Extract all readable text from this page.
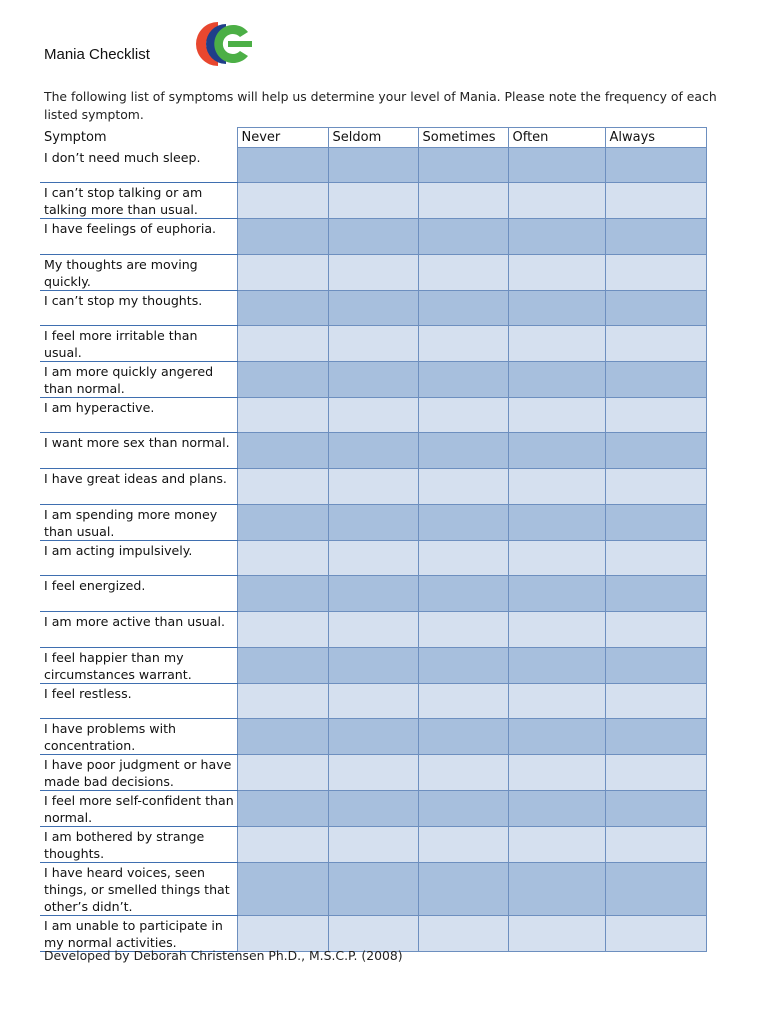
Mania Checklist
The following list of symptoms will help us determine your level of Mania. Please note the frequency of each listed symptom.
Symptom	Never	Seldom	Sometimes	Often	Always
I don’t need much sleep.					
I can’t stop talking or am talking more than usual.					
I have feelings of euphoria.					
My thoughts are moving quickly.					
I can’t stop my thoughts.					
I feel more irritable than usual.					
I am more quickly angered than normal.					
I am hyperactive.					
I want more sex than normal.					
I have great ideas and plans.					
I am spending more money than usual.					
I am acting impulsively.					
I feel energized.					
I am more active than usual.					
I feel happier than my circumstances warrant.					
I feel restless.					
I have problems with concentration.					
I have poor judgment or have made bad decisions.					
I feel more self-confident than normal.					
I am bothered by strange thoughts.					
I have heard voices, seen things, or smelled things that other’s didn’t.					
I am unable to participate in my normal activities.					
Developed by Deborah Christensen Ph.D., M.S.C.P. (2008)
